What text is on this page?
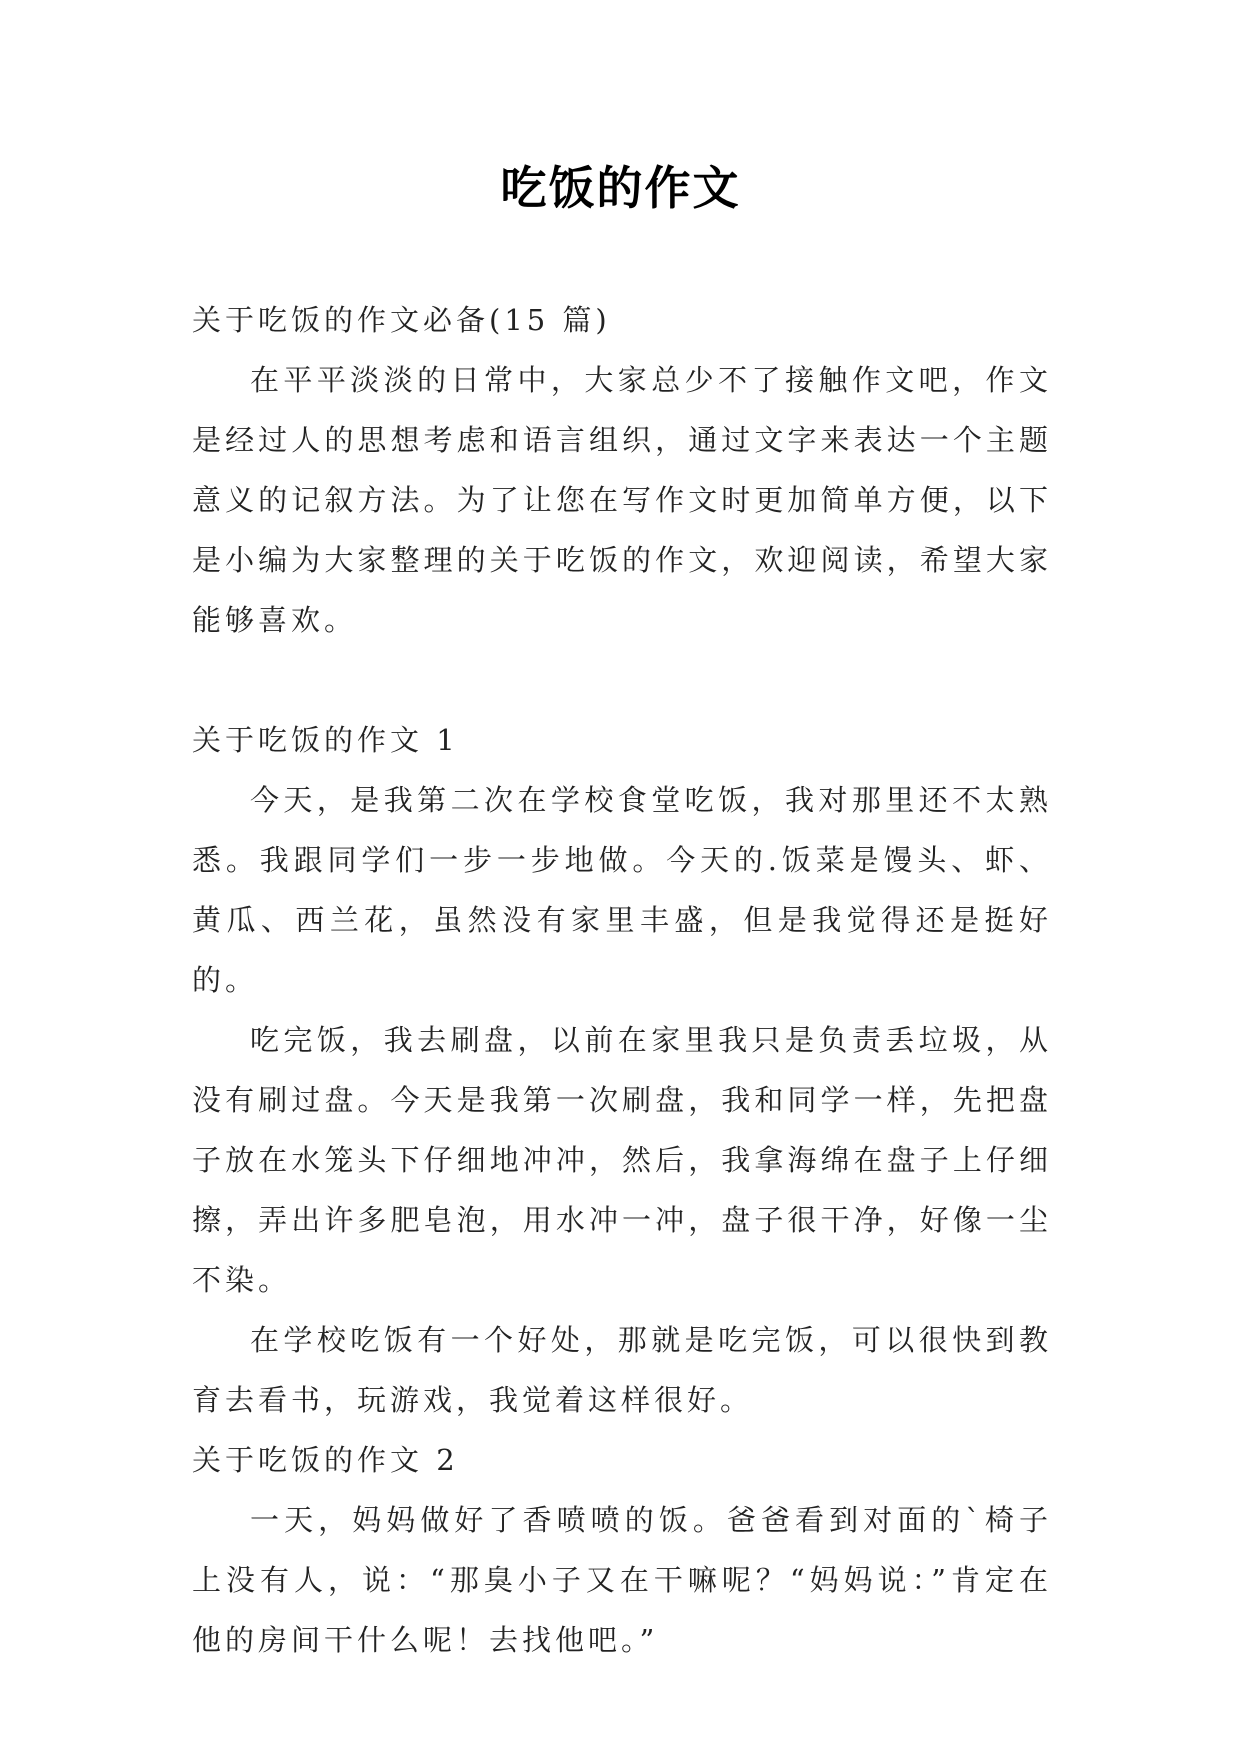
吃饭的作文

关于吃饭的作文必备(15 篇)

在平平淡淡的日常中，大家总少不了接触作文吧，作文是经过人的思想考虑和语言组织，通过文字来表达一个主题意义的记叙方法。为了让您在写作文时更加简单方便，以下是小编为大家整理的关于吃饭的作文，欢迎阅读，希望大家能够喜欢。

关于吃饭的作文 1

今天，是我第二次在学校食堂吃饭，我对那里还不太熟悉。我跟同学们一步一步地做。今天的.饭菜是馒头、虾、黄瓜、西兰花，虽然没有家里丰盛，但是我觉得还是挺好的。

吃完饭，我去刷盘，以前在家里我只是负责丢垃圾，从没有刷过盘。今天是我第一次刷盘，我和同学一样，先把盘子放在水笼头下仔细地冲冲，然后，我拿海绵在盘子上仔细擦，弄出许多肥皂泡，用水冲一冲，盘子很干净，好像一尘不染。

在学校吃饭有一个好处，那就是吃完饭，可以很快到教育去看书，玩游戏，我觉着这样很好。

关于吃饭的作文 2

一天，妈妈做好了香喷喷的饭。爸爸看到对面的`椅子上没有人，说：“那臭小子又在干嘛呢？“妈妈说：”肯定在他的房间干什么呢！去找他吧。”
